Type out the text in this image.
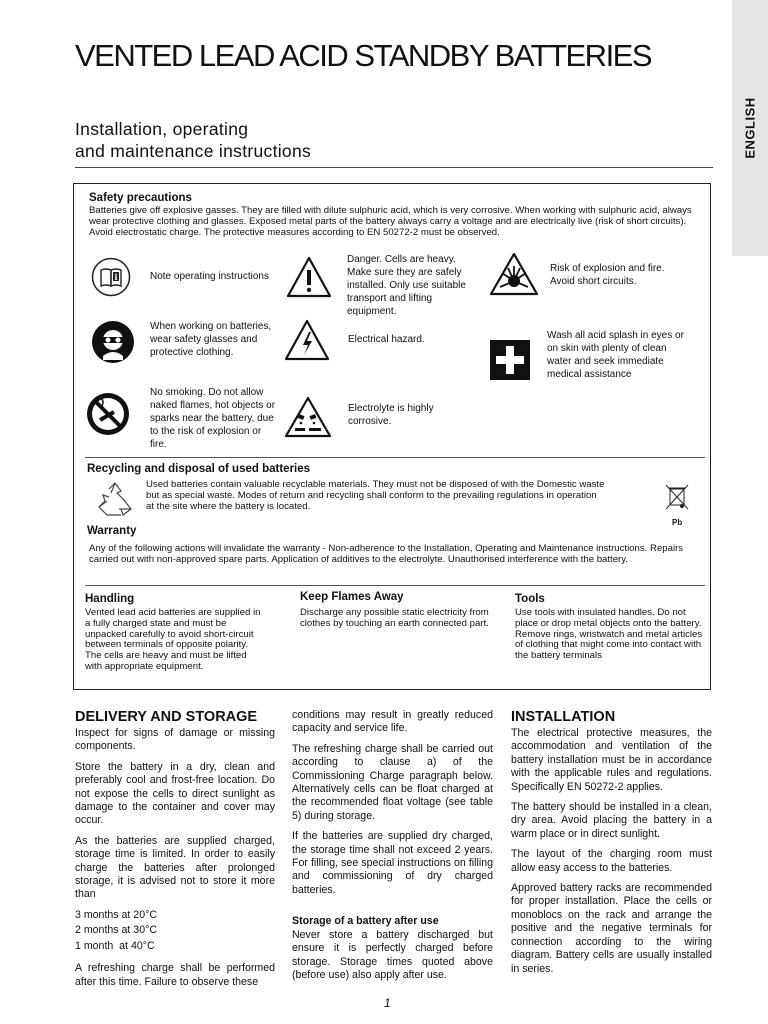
ENGLISH
VENTED LEAD ACID STANDBY BATTERIES
Installation, operating
and maintenance instructions
Safety precautions
Batteries give off explosive gasses. They are filled with dilute sulphuric acid, which is very corrosive. When working with sulphuric acid, always wear protective clothing and glasses. Exposed metal parts of the battery always carry a voltage and are electrically live (risk of short circuits). Avoid electrostatic charge. The protective measures according to EN 50272-2 must be observed.
i	Note operating instructions
When working on batteries, wear safety glasses and protective clothing.
No smoking. Do not allow naked flames, hot objects or sparks near the battery, due to the risk of explosion or fire.
Danger. Cells are heavy. Make sure they are safely installed. Only use suitable transport and lifting equipment.
Electrical hazard.
Electrolyte is highly corrosive.
Risk of explosion and fire. Avoid short circuits.
Wash all acid splash in eyes or on skin with plenty of clean water and seek immediate medical assistance
Recycling and disposal of used batteries
Used batteries contain valuable recyclable materials. They must not be disposed of with the Domestic waste but as special waste. Modes of return and recycling shall conform to the prevailing regulations in operation at the site where the battery is located.
Pb
Warranty
Any of the following actions will invalidate the warranty - Non-adherence to the Installation, Operating and Maintenance instructions. Repairs carried out with non-approved spare parts. Application of additives to the electrolyte. Unauthorised interference with the battery.
Handling
Vented lead acid batteries are supplied in a fully charged state and must be unpacked carefully to avoid short-circuit between terminals of opposite polarity. The cells are heavy and must be lifted with appropriate equipment.
Keep Flames Away
Discharge any possible static electricity from clothes by touching an earth connected part.
Tools
Use tools with insulated handles. Do not place or drop metal objects onto the battery. Remove rings, wristwatch and metal articles of clothing that might come into contact with the battery terminals
DELIVERY AND STORAGE

Inspect for signs of damage or missing components.

Store the battery in a dry, clean and preferably cool and frost-free location. Do not expose the cells to direct sunlight as damage to the container and cover may occur.

As the batteries are supplied charged, storage time is limited. In order to easily charge the batteries after prolonged storage, it is advised not to store it more than

3 months at 20°C
2 months at 30°C
1 month  at 40°C

A refreshing charge shall be performed after this time. Failure to observe these

conditions may result in greatly reduced capacity and service life.

The refreshing charge shall be carried out according to clause a) of the Commissioning Charge paragraph below. Alternatively cells can be float charged at the recommended float voltage (see table 5) during storage.

If the batteries are supplied dry charged, the storage time shall not exceed 2 years. For filling, see special instructions on filling and commissioning of dry charged batteries.

Storage of a battery after use

Never store a battery discharged but ensure it is perfectly charged before storage. Storage times quoted above (before use) also apply after use.

INSTALLATION

The electrical protective measures, the accommodation and ventilation of the battery installation must be in accordance with the applicable rules and regulations. Specifically EN 50272-2 applies.

The battery should be installed in a clean, dry area. Avoid placing the battery in a warm place or in direct sunlight.

The layout of the charging room must allow easy access to the batteries.

Approved battery racks are recommended for proper installation. Place the cells or monoblocs on the rack and arrange the positive and the negative terminals for connection according to the wiring diagram. Battery cells are usually installed in series.

1
